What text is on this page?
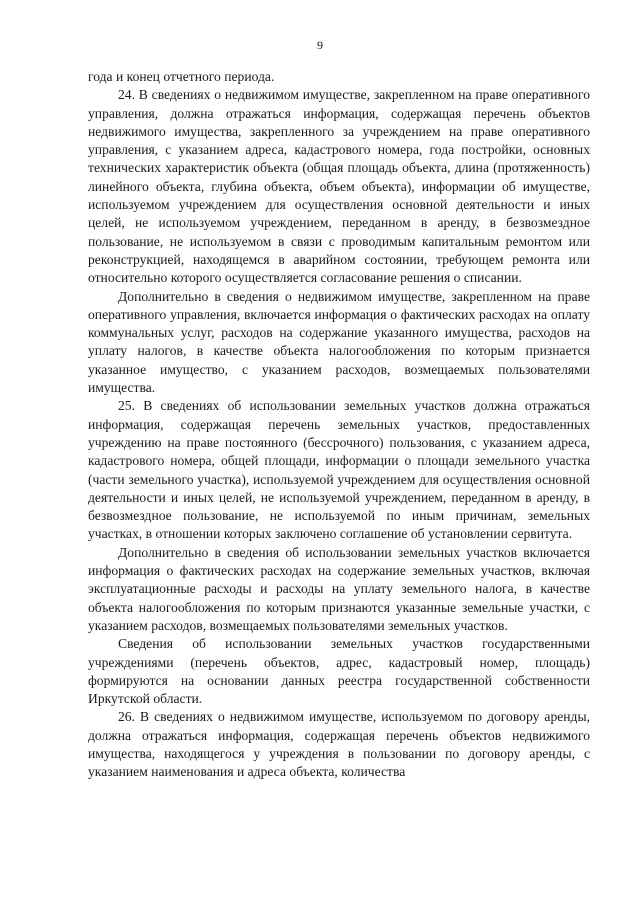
9

года и конец отчетного периода.

24. В сведениях о недвижимом имуществе, закрепленном на праве оперативного управления, должна отражаться информация, содержащая перечень объектов недвижимого имущества, закрепленного за учреждением на праве оперативного управления, с указанием адреса, кадастрового номера, года постройки, основных технических характеристик объекта (общая площадь объекта, длина (протяженность) линейного объекта, глубина объекта, объем объекта), информации об имуществе, используемом учреждением для осуществления основной деятельности и иных целей, не используемом учреждением, переданном в аренду, в безвозмездное пользование, не используемом в связи с проводимым капитальным ремонтом или реконструкцией, находящемся в аварийном состоянии, требующем ремонта или относительно которого осуществляется согласование решения о списании.

Дополнительно в сведения о недвижимом имуществе, закрепленном на праве оперативного управления, включается информация о фактических расходах на оплату коммунальных услуг, расходов на содержание указанного имущества, расходов на уплату налогов, в качестве объекта налогообложения по которым признается указанное имущество, с указанием расходов, возмещаемых пользователями имущества.

25. В сведениях об использовании земельных участков должна отражаться информация, содержащая перечень земельных участков, предоставленных учреждению на праве постоянного (бессрочного) пользования, с указанием адреса, кадастрового номера, общей площади, информации о площади земельного участка (части земельного участка), используемой учреждением для осуществления основной деятельности и иных целей, не используемой учреждением, переданном в аренду, в безвозмездное пользование, не используемой по иным причинам, земельных участках, в отношении которых заключено соглашение об установлении сервитута.

Дополнительно в сведения об использовании земельных участков включается информация о фактических расходах на содержание земельных участков, включая эксплуатационные расходы и расходы на уплату земельного налога, в качестве объекта налогообложения по которым признаются указанные земельные участки, с указанием расходов, возмещаемых пользователями земельных участков.

Сведения об использовании земельных участков государственными учреждениями (перечень объектов, адрес, кадастровый номер, площадь) формируются на основании данных реестра государственной собственности Иркутской области.

26. В сведениях о недвижимом имуществе, используемом по договору аренды, должна отражаться информация, содержащая перечень объектов недвижимого имущества, находящегося у учреждения в пользовании по договору аренды, с указанием наименования и адреса объекта, количества
